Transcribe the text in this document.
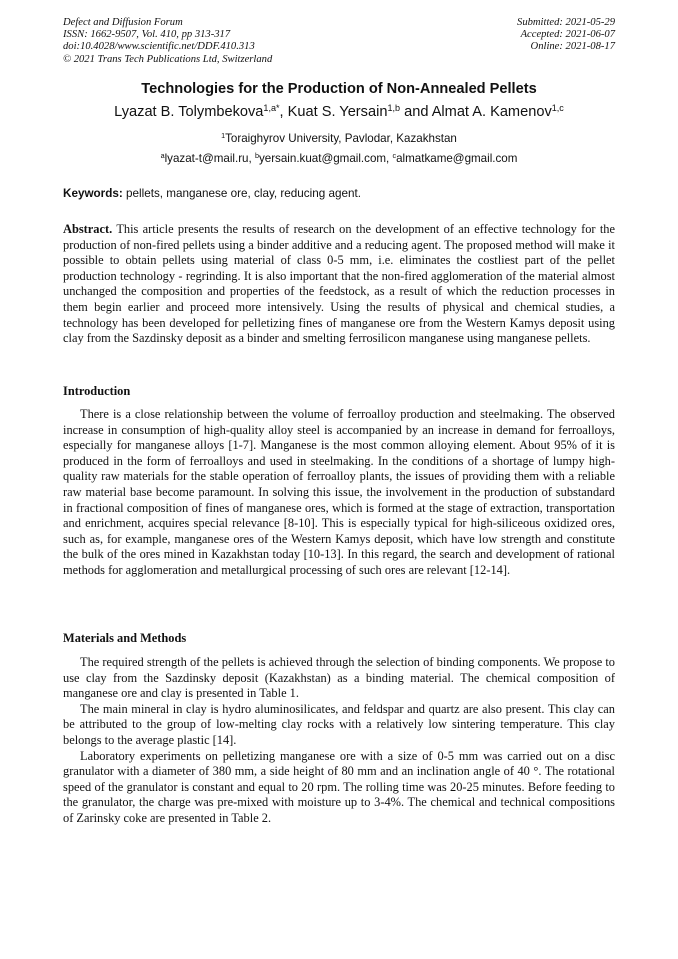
Defect and Diffusion Forum
ISSN: 1662-9507, Vol. 410, pp 313-317
doi:10.4028/www.scientific.net/DDF.410.313
© 2021 Trans Tech Publications Ltd, Switzerland
Submitted: 2021-05-29
Accepted: 2021-06-07
Online: 2021-08-17
Technologies for the Production of Non-Annealed Pellets
Lyazat B. Tolymbekova$^{1,a*}$, Kuat S. Yersain$^{1,b}$ and Almat A. Kamenov$^{1,c}$
$^1$Toraighyrov University, Pavlodar, Kazakhstan
$^a$lyazat-t@mail.ru, $^b$yersain.kuat@gmail.com, $^c$almatkame@gmail.com
Keywords: pellets, manganese ore, clay, reducing agent.

Abstract. This article presents the results of research on the development of an effective technology for the production of non-fired pellets using a binder additive and a reducing agent. The proposed method will make it possible to obtain pellets using material of class 0-5 mm, i.e. eliminates the costliest part of the pellet production technology - regrinding. It is also important that the non-fired agglomeration of the material almost unchanged the composition and properties of the feedstock, as a result of which the reduction processes in them begin earlier and proceed more intensively. Using the results of physical and chemical studies, a technology has been developed for pelletizing fines of manganese ore from the Western Kamys deposit using clay from the Sazdinsky deposit as a binder and smelting ferrosilicon manganese using manganese pellets.

Introduction

There is a close relationship between the volume of ferroalloy production and steelmaking. The observed increase in consumption of high-quality alloy steel is accompanied by an increase in demand for ferroalloys, especially for manganese alloys [1-7]. Manganese is the most common alloying element. About 95% of it is produced in the form of ferroalloys and used in steelmaking. In the conditions of a shortage of lumpy high-quality raw materials for the stable operation of ferroalloy plants, the issues of providing them with a reliable raw material base become paramount. In solving this issue, the involvement in the production of substandard in fractional composition of fines of manganese ores, which is formed at the stage of extraction, transportation and enrichment, acquires special relevance [8-10]. This is especially typical for high-siliceous oxidized ores, such as, for example, manganese ores of the Western Kamys deposit, which have low strength and constitute the bulk of the ores mined in Kazakhstan today [10-13]. In this regard, the search and development of rational methods for agglomeration and metallurgical processing of such ores are relevant [12-14].

Materials and Methods

The required strength of the pellets is achieved through the selection of binding components. We propose to use clay from the Sazdinsky deposit (Kazakhstan) as a binding material. The chemical composition of manganese ore and clay is presented in Table 1.

The main mineral in clay is hydro aluminosilicates, and feldspar and quartz are also present. This clay can be attributed to the group of low-melting clay rocks with a relatively low sintering temperature. This clay belongs to the average plastic [14].

Laboratory experiments on pelletizing manganese ore with a size of 0-5 mm was carried out on a disc granulator with a diameter of 380 mm, a side height of 80 mm and an inclination angle of 40 °. The rotational speed of the granulator is constant and equal to 20 rpm. The rolling time was 20-25 minutes. Before feeding to the granulator, the charge was pre-mixed with moisture up to 3-4%. The chemical and technical compositions of Zarinsky coke are presented in Table 2.
